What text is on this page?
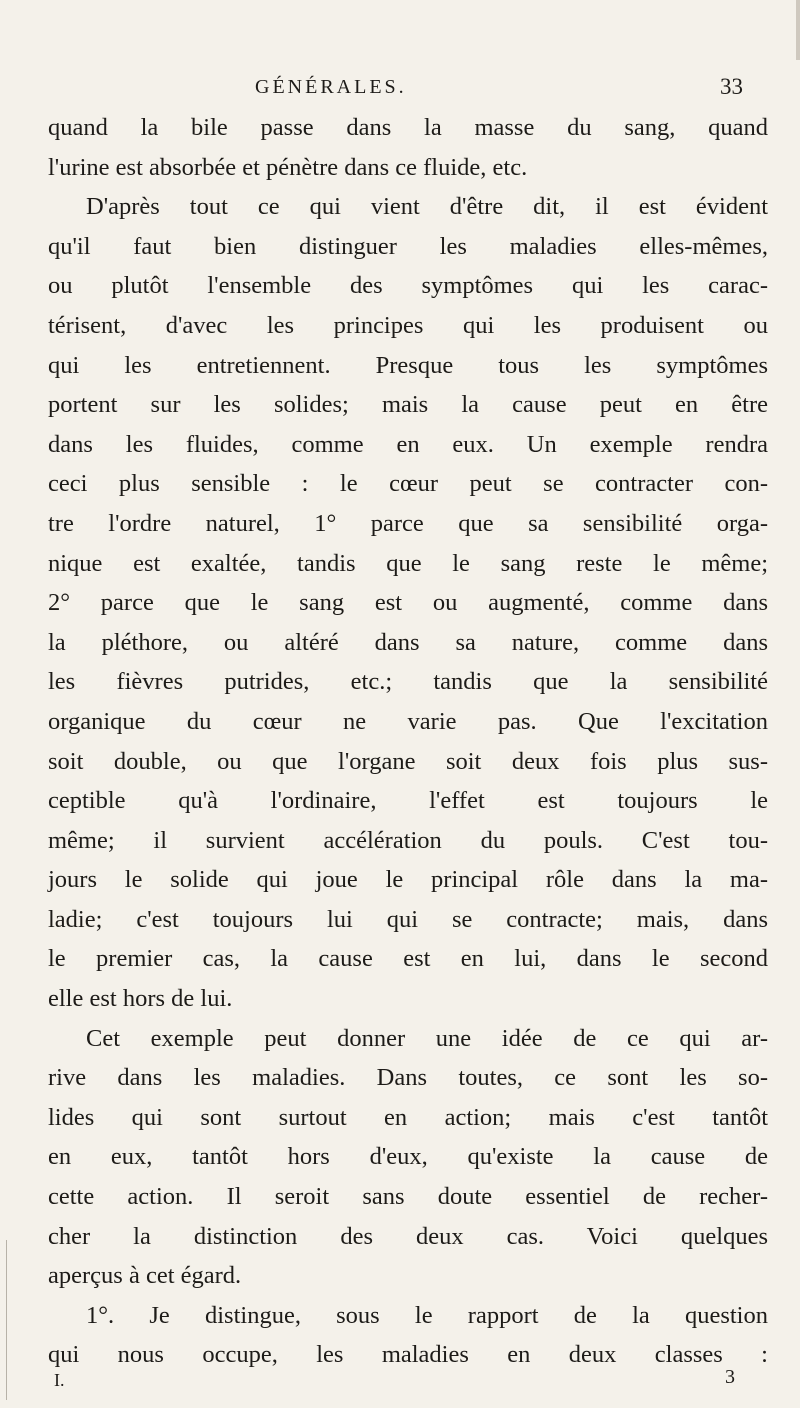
GÉNÉRALES.	33
quand la bile passe dans la masse du sang, quand
l'urine est absorbée et pénètre dans ce fluide, etc.
D'après tout ce qui vient d'être dit, il est évident
qu'il faut bien distinguer les maladies elles-mêmes,
ou plutôt l'ensemble des symptômes qui les carac-
térisent, d'avec les principes qui les produisent ou
qui les entretiennent. Presque tous les symptômes
portent sur les solides; mais la cause peut en être
dans les fluides, comme en eux. Un exemple rendra
ceci plus sensible : le cœur peut se contracter con-
tre l'ordre naturel, 1° parce que sa sensibilité orga-
nique est exaltée, tandis que le sang reste le même;
2° parce que le sang est ou augmenté, comme dans
la pléthore, ou altéré dans sa nature, comme dans
les fièvres putrides, etc.; tandis que la sensibilité
organique du cœur ne varie pas. Que l'excitation
soit double, ou que l'organe soit deux fois plus sus-
ceptible qu'à l'ordinaire, l'effet est toujours le
même; il survient accélération du pouls. C'est tou-
jours le solide qui joue le principal rôle dans la ma-
ladie; c'est toujours lui qui se contracte; mais, dans
le premier cas, la cause est en lui, dans le second
elle est hors de lui.
Cet exemple peut donner une idée de ce qui ar-
rive dans les maladies. Dans toutes, ce sont les so-
lides qui sont surtout en action; mais c'est tantôt
en eux, tantôt hors d'eux, qu'existe la cause de
cette action. Il seroit sans doute essentiel de recher-
cher la distinction des deux cas. Voici quelques
aperçus à cet égard.
1°. Je distingue, sous le rapport de la question
qui nous occupe, les maladies en deux classes :
I.	3
